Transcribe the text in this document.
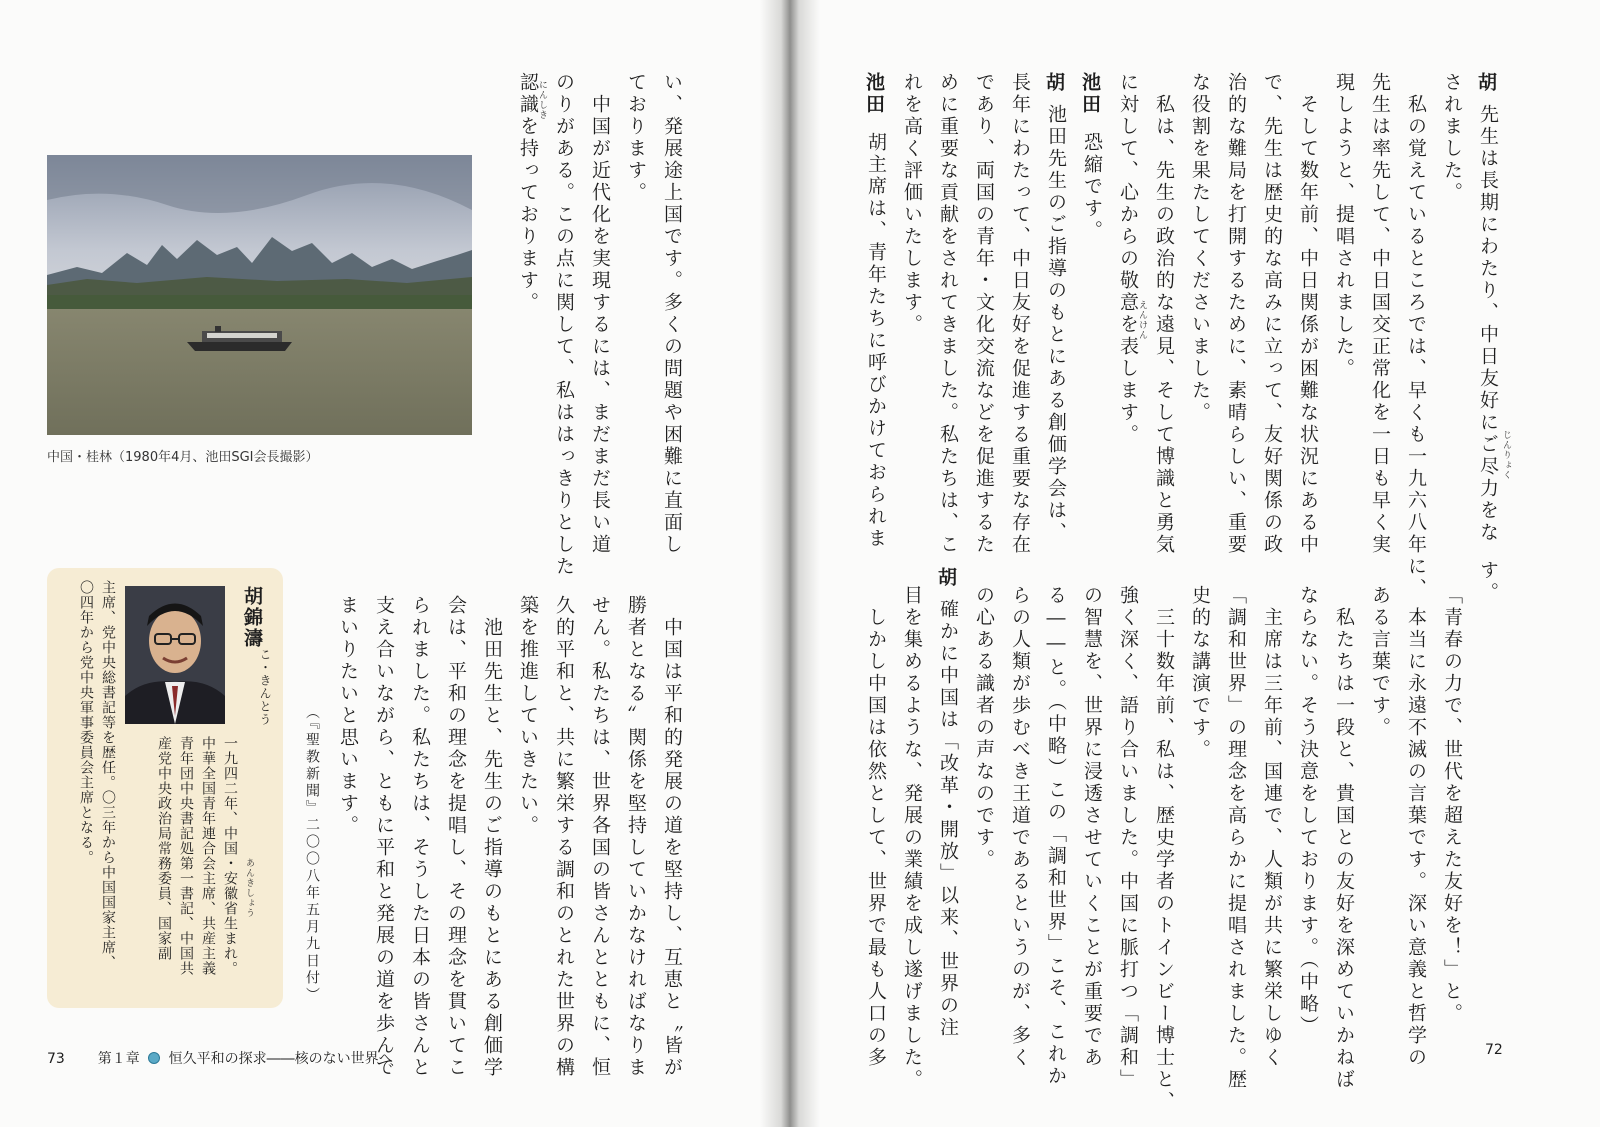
中国・桂林（1980年4月、池田SGI会長撮影）	い、発展途上国です。多くの問題や困難に直面し
ております。
　中国が近代化を実現するには、まだまだ長い道
のりがある。この点に関して、私ははっきりとした
認識を持っております。
にんしき
　中国は平和的発展の道を堅持し、互恵と〝皆が
勝者となる〟関係を堅持していかなければなりま
せん。私たちは、世界各国の皆さんとともに、恒
久的平和と、共に繁栄する調和のとれた世界の構
築を推進していきたい。
　池田先生と、先生のご指導のもとにある創価学
会は、平和の理念を提唱し、その理念を貫いてこ
られました。私たちは、そうした日本の皆さんと
支え合いながら、ともに平和と発展の道を歩んで
まいりたいと思います。
（『聖教新聞』二〇〇八年五月九日付）
胡錦濤
こ・きんとう
一九四二年、中国・安徽省生まれ。
中華全国青年連合会主席、共産主義
青年団中央書記処第一書記、中国共
産党中央政治局常務委員、国家副
主席、党中央総書記等を歴任。〇三年から中国国家主席、
〇四年から党中央軍事委員会主席となる。
あんきしょう
73 第１章 恒久平和の探求――核のない世界へ
胡
先生は長期にわたり、中日友好にご尽力をな
されました。
　私の覚えているところでは、早くも一九六八年に、
先生は率先して、中日国交正常化を一日も早く実
現しようと、提唱されました。
　そして数年前、中日関係が困難な状況にある中
で、先生は歴史的な高みに立って、友好関係の政
治的な難局を打開するために、素晴らしい、重要
な役割を果たしてくださいました。
　私は、先生の政治的な遠見、そして博識と勇気
に対して、心からの敬意を表します。
池田
恐縮です。
胡
池田先生のご指導のもとにある創価学会は、
長年にわたって、中日友好を促進する重要な存在
であり、両国の青年・文化交流などを促進するた
めに重要な貢献をされてきました。私たちは、こ
れを高く評価いたします。
池田
胡主席は、青年たちに呼びかけておられま	じんりょく
えんけん
す。
「青春の力で、世代を超えた友好を！」と。
　本当に永遠不滅の言葉です。深い意義と哲学の
ある言葉です。
　私たちは一段と、貴国との友好を深めていかねば
ならない。そう決意をしております。（中略）
　主席は三年前、国連で、人類が共に繁栄しゆく
「調和世界」の理念を高らかに提唱されました。歴
史的な講演です。
　三十数年前、私は、歴史学者のトインビー博士と、
強く深く、語り合いました。中国に脈打つ「調和」
の智慧を、世界に浸透させていくことが重要であ
る――と。（中略）この「調和世界」こそ、これか
らの人類が歩むべき王道であるというのが、多く
の心ある識者の声なのです。
胡
確かに中国は「改革・開放」以来、世界の注
目を集めるような、発展の業績を成し遂げました。
　しかし中国は依然として、世界で最も人口の多	72
